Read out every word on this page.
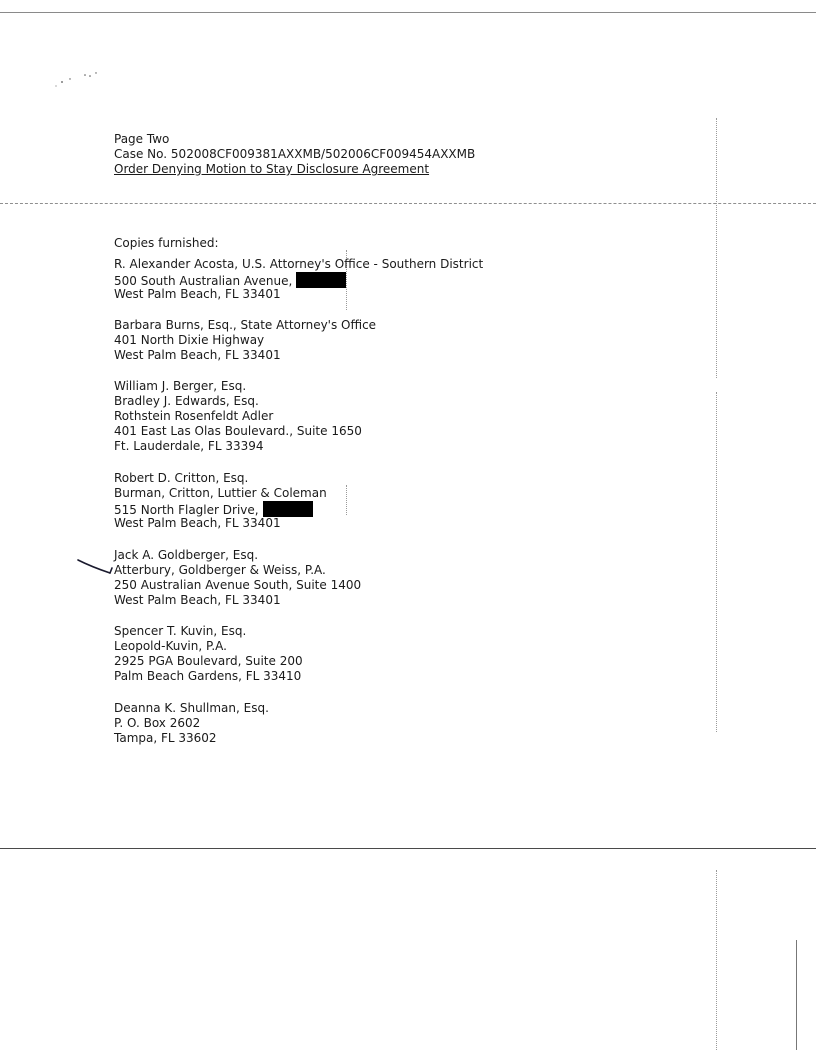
Page Two
Case No. 502008CF009381AXXMB/502006CF009454AXXMB
Order Denying Motion to Stay Disclosure Agreement
Copies furnished:
R. Alexander Acosta, U.S. Attorney's Office - Southern District
500 South Australian Avenue,
West Palm Beach, FL 33401
Barbara Burns, Esq., State Attorney's Office
401 North Dixie Highway
West Palm Beach, FL 33401
William J. Berger, Esq.
Bradley J. Edwards, Esq.
Rothstein Rosenfeldt Adler
401 East Las Olas Boulevard., Suite 1650
Ft. Lauderdale, FL 33394
Robert D. Critton, Esq.
Burman, Critton, Luttier & Coleman
515 North Flagler Drive,
West Palm Beach, FL 33401
Jack A. Goldberger, Esq.
Atterbury, Goldberger & Weiss, P.A.
250 Australian Avenue South, Suite 1400
West Palm Beach, FL 33401
Spencer T. Kuvin, Esq.
Leopold-Kuvin, P.A.
2925 PGA Boulevard, Suite 200
Palm Beach Gardens, FL 33410
Deanna K. Shullman, Esq.
P. O. Box 2602
Tampa, FL 33602
